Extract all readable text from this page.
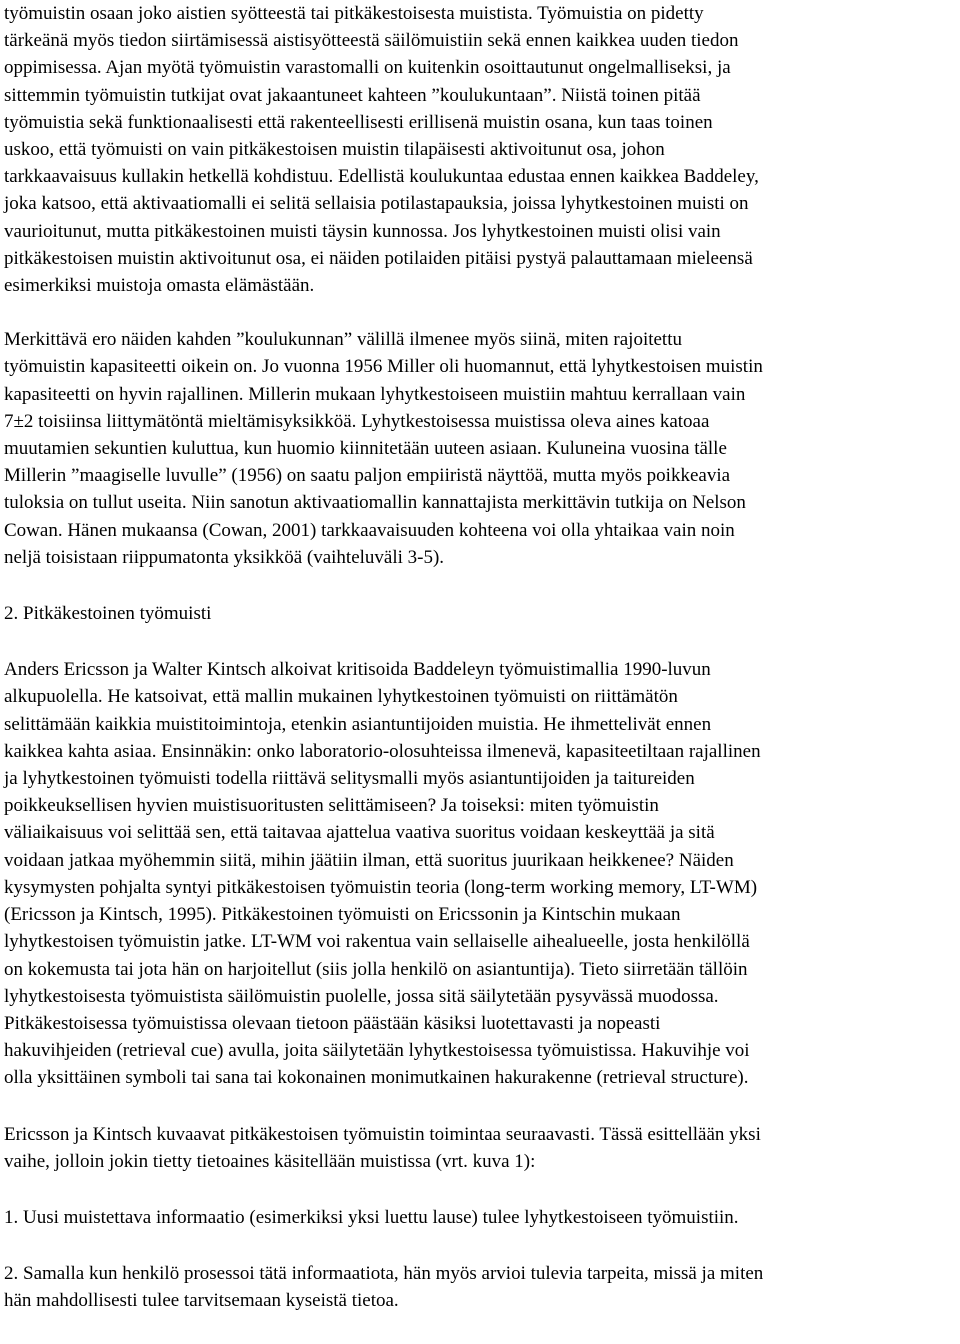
työmuistin osaan joko aistien syötteestä tai pitkäkestoisesta muistista. Työmuistia on pidetty
tärkeänä myös tiedon siirtämisessä aistisyötteestä säilömuistiin sekä ennen kaikkea uuden tiedon
oppimisessa. Ajan myötä työmuistin varastomalli on kuitenkin osoittautunut ongelmalliseksi, ja
sittemmin työmuistin tutkijat ovat jakaantuneet kahteen ”koulukuntaan”. Niistä toinen pitää
työmuistia sekä funktionaalisesti että rakenteellisesti erillisenä muistin osana, kun taas toinen
uskoo, että työmuisti on vain pitkäkestoisen muistin tilapäisesti aktivoitunut osa, johon
tarkkaavaisuus kullakin hetkellä kohdistuu. Edellistä koulukuntaa edustaa ennen kaikkea Baddeley,
joka katsoo, että aktivaatiomalli ei selitä sellaisia potilastapauksia, joissa lyhytkestoinen muisti on
vaurioitunut, mutta pitkäkestoinen muisti täysin kunnossa. Jos lyhytkestoinen muisti olisi vain
pitkäkestoisen muistin aktivoitunut osa, ei näiden potilaiden pitäisi pystyä palauttamaan mieleensä
esimerkiksi muistoja omasta elämästään.
Merkittävä ero näiden kahden ”koulukunnan” välillä ilmenee myös siinä, miten rajoitettu
työmuistin kapasiteetti oikein on. Jo vuonna 1956 Miller oli huomannut, että lyhytkestoisen muistin
kapasiteetti on hyvin rajallinen. Millerin mukaan lyhytkestoiseen muistiin mahtuu kerrallaan vain
7±2 toisiinsa liittymätöntä mieltämisyksikköä. Lyhytkestoisessa muistissa oleva aines katoaa
muutamien sekuntien kuluttua, kun huomio kiinnitetään uuteen asiaan. Kuluneina vuosina tälle
Millerin ”maagiselle luvulle” (1956) on saatu paljon empiiristä näyttöä, mutta myös poikkeavia
tuloksia on tullut useita. Niin sanotun aktivaatiomallin kannattajista merkittävin tutkija on Nelson
Cowan. Hänen mukaansa (Cowan, 2001) tarkkaavaisuuden kohteena voi olla yhtaikaa vain noin
neljä toisistaan riippumatonta yksikköä (vaihteluväli 3-5).
2. Pitkäkestoinen työmuisti
Anders Ericsson ja Walter Kintsch alkoivat kritisoida Baddeleyn työmuistimallia 1990-luvun
alkupuolella. He katsoivat, että mallin mukainen lyhytkestoinen työmuisti on riittämätön
selittämään kaikkia muistitoimintoja, etenkin asiantuntijoiden muistia. He ihmettelivät ennen
kaikkea kahta asiaa. Ensinnäkin: onko laboratorio-olosuhteissa ilmenevä, kapasiteetiltaan rajallinen
ja lyhytkestoinen työmuisti todella riittävä selitysmalli myös asiantuntijoiden ja taitureiden
poikkeuksellisen hyvien muistisuoritusten selittämiseen? Ja toiseksi: miten työmuistin
väliaikaisuus voi selittää sen, että taitavaa ajattelua vaativa suoritus voidaan keskeyttää ja sitä
voidaan jatkaa myöhemmin siitä, mihin jäätiin ilman, että suoritus juurikaan heikkenee? Näiden
kysymysten pohjalta syntyi pitkäkestoisen työmuistin teoria (long-term working memory, LT-WM)
(Ericsson ja Kintsch, 1995). Pitkäkestoinen työmuisti on Ericssonin ja Kintschin mukaan
lyhytkestoisen työmuistin jatke. LT-WM voi rakentua vain sellaiselle aihealueelle, josta henkilöllä
on kokemusta tai jota hän on harjoitellut (siis jolla henkilö on asiantuntija). Tieto siirretään tällöin
lyhytkestoisesta työmuistista säilömuistin puolelle, jossa sitä säilytetään pysyvässä muodossa.
Pitkäkestoisessa työmuistissa olevaan tietoon päästään käsiksi luotettavasti ja nopeasti
hakuvihjeiden (retrieval cue) avulla, joita säilytetään lyhytkestoisessa työmuistissa. Hakuvihje voi
olla yksittäinen symboli tai sana tai kokonainen monimutkainen hakurakenne (retrieval structure).
Ericsson ja Kintsch kuvaavat pitkäkestoisen työmuistin toimintaa seuraavasti. Tässä esittellään yksi
vaihe, jolloin jokin tietty tietoaines käsitellään muistissa (vrt. kuva 1):
1. Uusi muistettava informaatio (esimerkiksi yksi luettu lause) tulee lyhytkestoiseen työmuistiin.
2. Samalla kun henkilö prosessoi tätä informaatiota, hän myös arvioi tulevia tarpeita, missä ja miten
hän mahdollisesti tulee tarvitsemaan kyseistä tietoa.
